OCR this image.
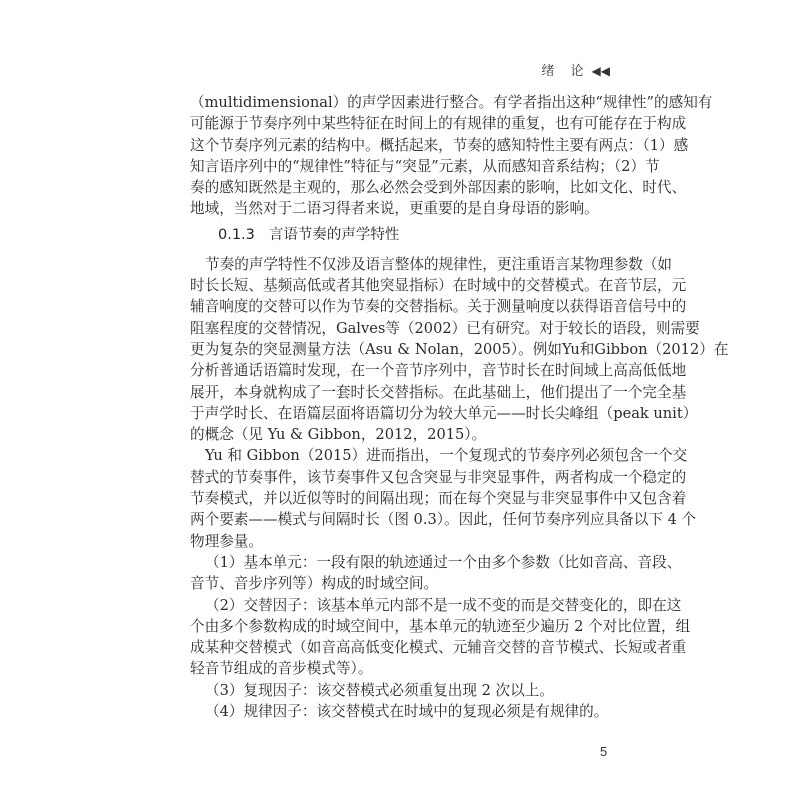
绪 论 ◀◀
（multidimensional）的声学因素进行整合。有学者指出这种“规律性”的感知有
可能源于节奏序列中某些特征在时间上的有规律的重复，也有可能存在于构成
这个节奏序列元素的结构中。概括起来，节奏的感知特性主要有两点：（1）感
知言语序列中的“规律性”特征与“突显”元素，从而感知音系结构；（2）节
奏的感知既然是主观的，那么必然会受到外部因素的影响，比如文化、时代、
地域，当然对于二语习得者来说，更重要的是自身母语的影响。
0.1.3 言语节奏的声学特性
节奏的声学特性不仅涉及语言整体的规律性，更注重语言某物理参数（如
时长长短、基频高低或者其他突显指标）在时域中的交替模式。在音节层，元
辅音响度的交替可以作为节奏的交替指标。关于测量响度以获得语音信号中的
阻塞程度的交替情况，Galves等（2002）已有研究。对于较长的语段，则需要
更为复杂的突显测量方法（Asu & Nolan，2005）。例如Yu和Gibbon（2012）在
分析普通话语篇时发现，在一个音节序列中，音节时长在时间域上高高低低地
展开，本身就构成了一套时长交替指标。在此基础上，他们提出了一个完全基
于声学时长、在语篇层面将语篇切分为较大单元——时长尖峰组（peak unit）
的概念（见 Yu & Gibbon，2012，2015）。
Yu 和 Gibbon（2015）进而指出，一个复现式的节奏序列必须包含一个交
替式的节奏事件，该节奏事件又包含突显与非突显事件，两者构成一个稳定的
节奏模式，并以近似等时的间隔出现；而在每个突显与非突显事件中又包含着
两个要素——模式与间隔时长（图 0.3）。因此，任何节奏序列应具备以下 4 个
物理参量。
（1）基本单元：一段有限的轨迹通过一个由多个参数（比如音高、音段、
音节、音步序列等）构成的时域空间。
（2）交替因子：该基本单元内部不是一成不变的而是交替变化的，即在这
个由多个参数构成的时域空间中，基本单元的轨迹至少遍历 2 个对比位置，组
成某种交替模式（如音高高低变化模式、元辅音交替的音节模式、长短或者重
轻音节组成的音步模式等）。
（3）复现因子：该交替模式必须重复出现 2 次以上。
（4）规律因子：该交替模式在时域中的复现必须是有规律的。
5
